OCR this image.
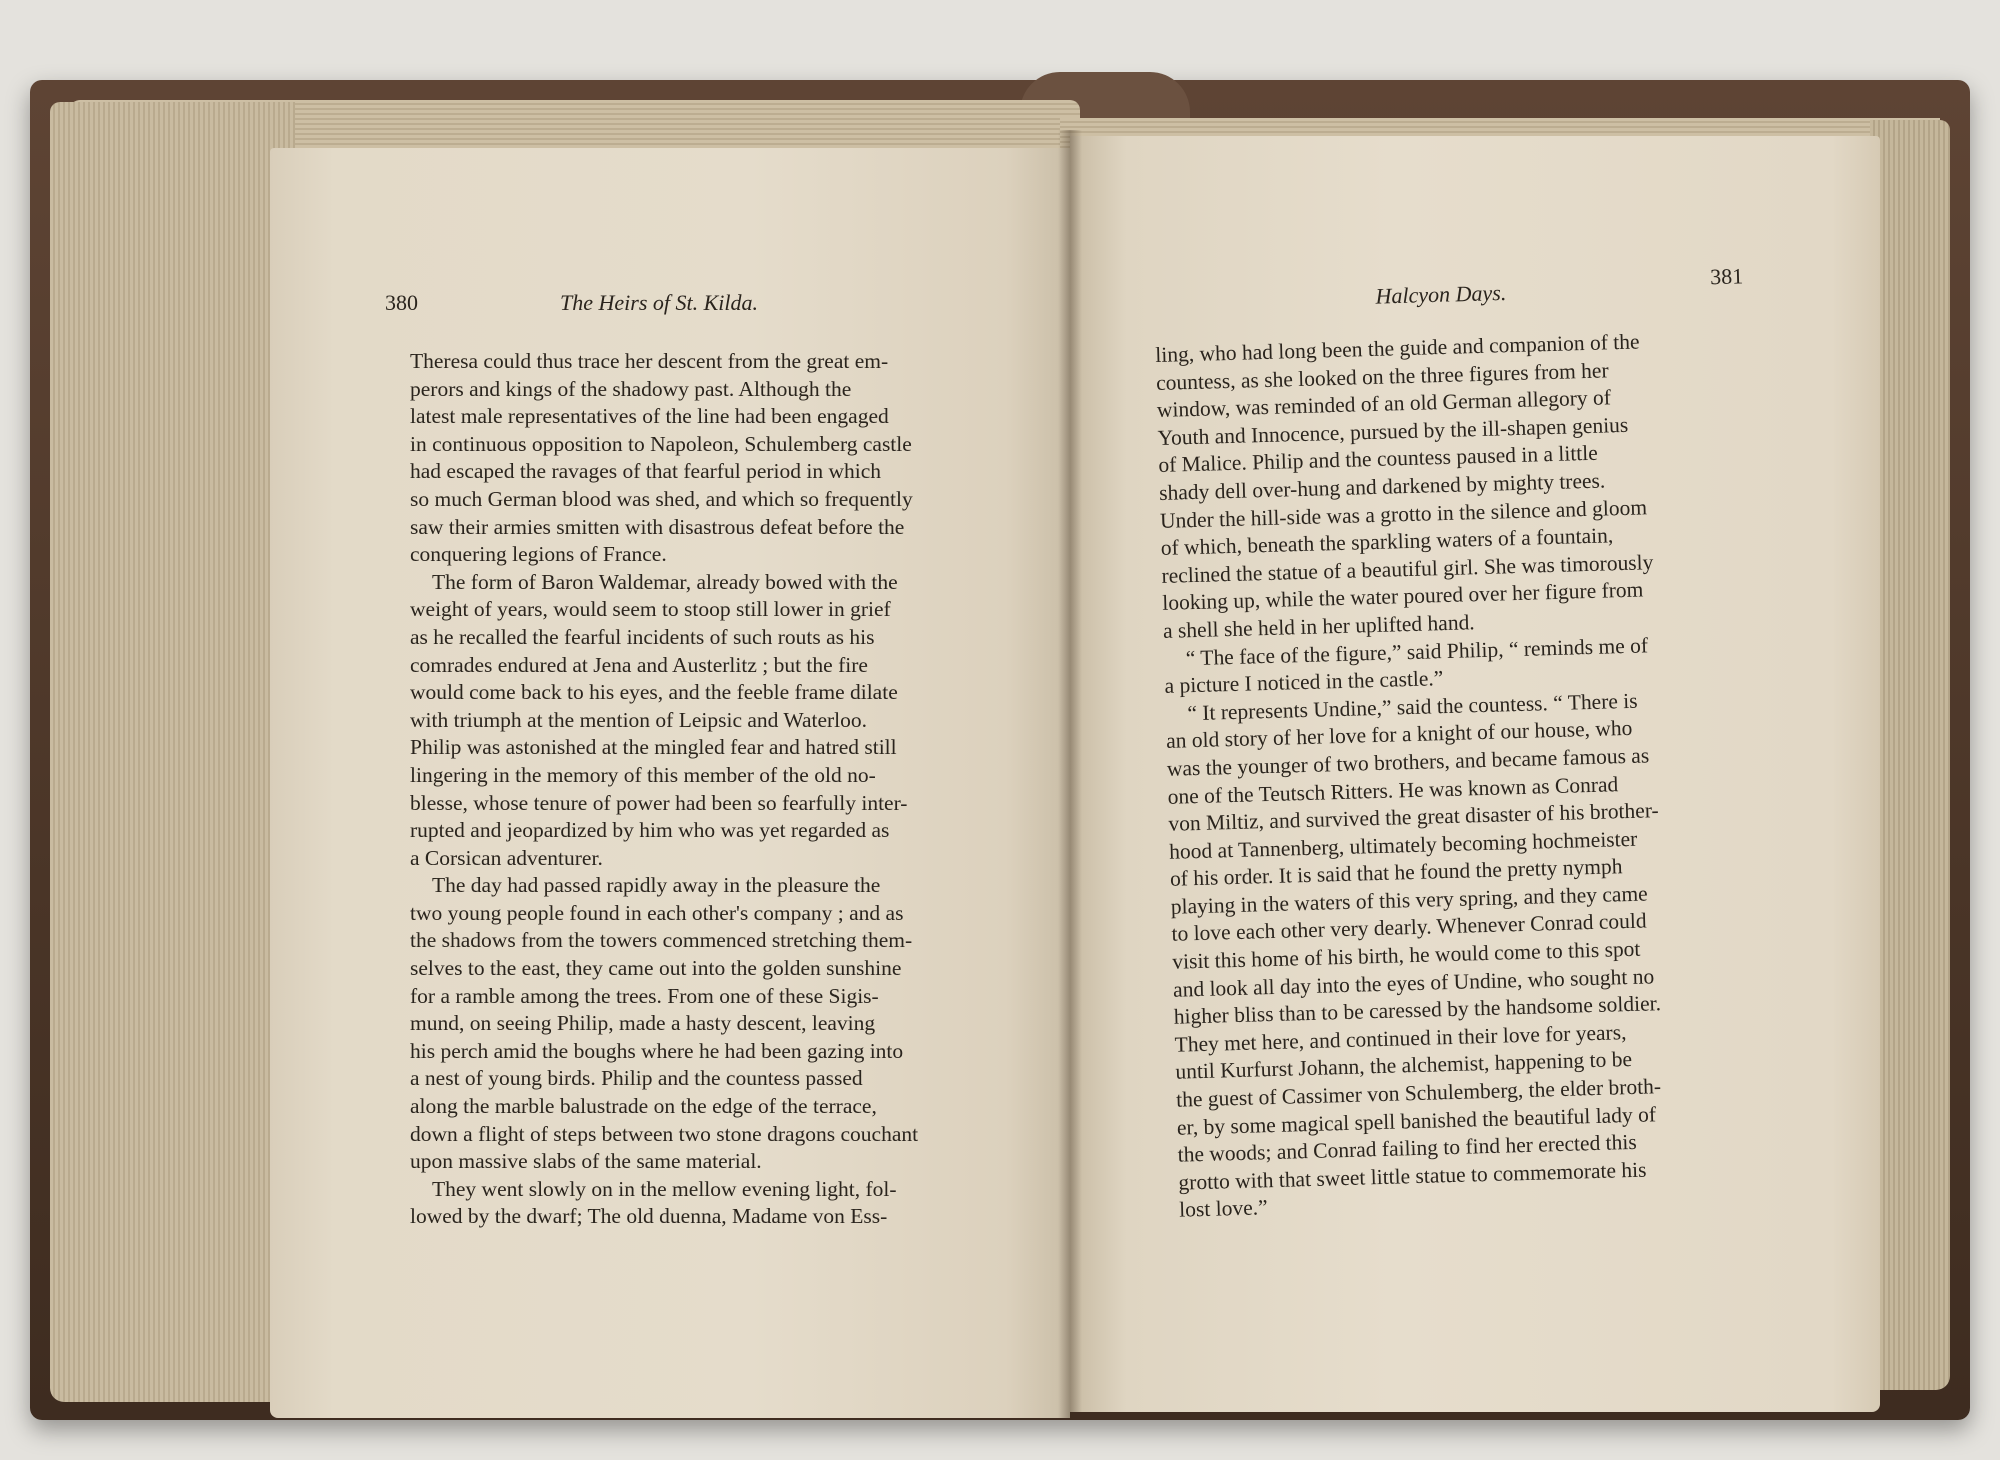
380	The Heirs of St. Kilda.
Theresa could thus trace her descent from the great em-
perors and kings of the shadowy past. Although the
latest male representatives of the line had been engaged
in continuous opposition to Napoleon, Schulemberg castle
had escaped the ravages of that fearful period in which
so much German blood was shed, and which so frequently
saw their armies smitten with disastrous defeat before the
conquering legions of France.
The form of Baron Waldemar, already bowed with the
weight of years, would seem to stoop still lower in grief
as he recalled the fearful incidents of such routs as his
comrades endured at Jena and Austerlitz ; but the fire
would come back to his eyes, and the feeble frame dilate
with triumph at the mention of Leipsic and Waterloo.
Philip was astonished at the mingled fear and hatred still
lingering in the memory of this member of the old no-
blesse, whose tenure of power had been so fearfully inter-
rupted and jeopardized by him who was yet regarded as
a Corsican adventurer.
The day had passed rapidly away in the pleasure the
two young people found in each other's company ; and as
the shadows from the towers commenced stretching them-
selves to the east, they came out into the golden sunshine
for a ramble among the trees. From one of these Sigis-
mund, on seeing Philip, made a hasty descent, leaving
his perch amid the boughs where he had been gazing into
a nest of young birds. Philip and the countess passed
along the marble balustrade on the edge of the terrace,
down a flight of steps between two stone dragons couchant
upon massive slabs of the same material.
They went slowly on in the mellow evening light, fol-
lowed by the dwarf; The old duenna, Madame von Ess-
Halcyon Days.
381
ling, who had long been the guide and companion of the
countess, as she looked on the three figures from her
window, was reminded of an old German allegory of
Youth and Innocence, pursued by the ill-shapen genius
of Malice. Philip and the countess paused in a little
shady dell over-hung and darkened by mighty trees.
Under the hill-side was a grotto in the silence and gloom
of which, beneath the sparkling waters of a fountain,
reclined the statue of a beautiful girl. She was timorously
looking up, while the water poured over her figure from
a shell she held in her uplifted hand.
“ The face of the figure,” said Philip, “ reminds me of
a picture I noticed in the castle.”
“ It represents Undine,” said the countess. “ There is
an old story of her love for a knight of our house, who
was the younger of two brothers, and became famous as
one of the Teutsch Ritters. He was known as Conrad
von Miltiz, and survived the great disaster of his brother-
hood at Tannenberg, ultimately becoming hochmeister
of his order. It is said that he found the pretty nymph
playing in the waters of this very spring, and they came
to love each other very dearly. Whenever Conrad could
visit this home of his birth, he would come to this spot
and look all day into the eyes of Undine, who sought no
higher bliss than to be caressed by the handsome soldier.
They met here, and continued in their love for years,
until Kurfurst Johann, the alchemist, happening to be
the guest of Cassimer von Schulemberg, the elder broth-
er, by some magical spell banished the beautiful lady of
the woods; and Conrad failing to find her erected this
grotto with that sweet little statue to commemorate his
lost love.”
